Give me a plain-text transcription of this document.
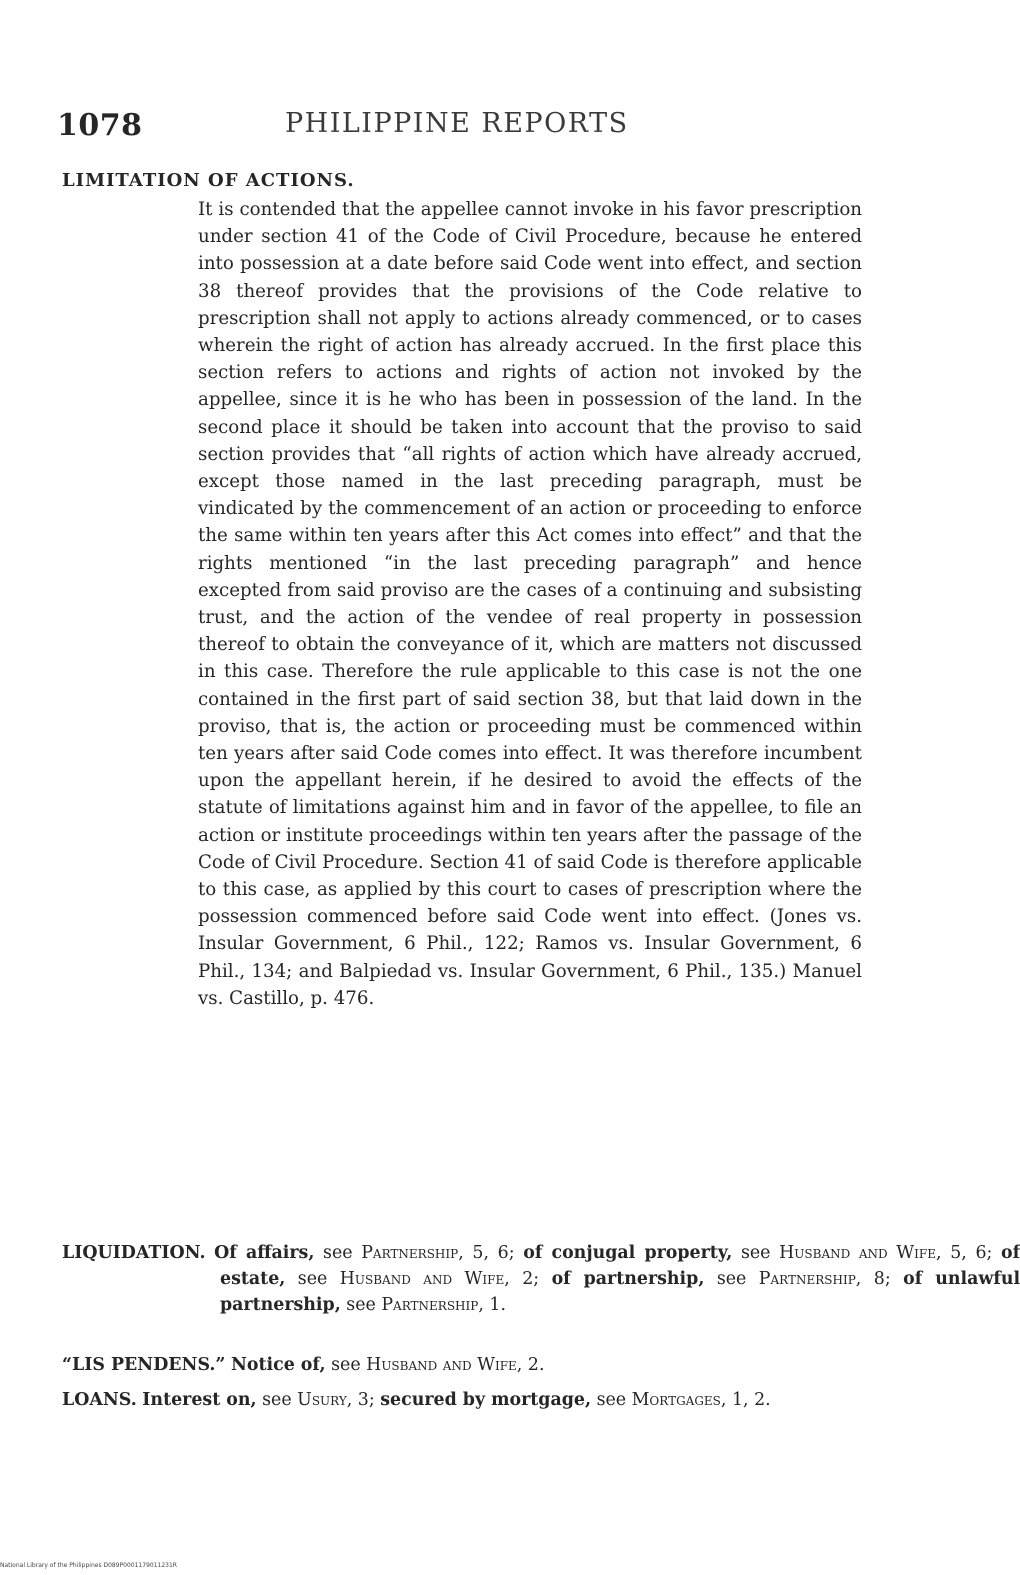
1078	PHILIPPINE REPORTS
LIMITATION OF ACTIONS.
It is contended that the appellee cannot invoke in his favor prescription under section 41 of the Code of Civil Procedure, because he entered into possession at a date before said Code went into effect, and section 38 thereof provides that the provisions of the Code relative to prescription shall not apply to actions already commenced, or to cases wherein the right of action has already accrued. In the first place this section refers to actions and rights of action not invoked by the appellee, since it is he who has been in possession of the land. In the second place it should be taken into account that the proviso to said section provides that “all rights of action which have already accrued, except those named in the last preceding paragraph, must be vindicated by the commencement of an action or proceeding to enforce the same within ten years after this Act comes into effect” and that the rights mentioned “in the last preceding paragraph” and hence excepted from said proviso are the cases of a continuing and subsisting trust, and the action of the vendee of real property in possession thereof to obtain the conveyance of it, which are matters not discussed in this case. Therefore the rule applicable to this case is not the one contained in the first part of said section 38, but that laid down in the proviso, that is, the action or proceeding must be commenced within ten years after said Code comes into effect. It was therefore incumbent upon the appellant herein, if he desired to avoid the effects of the statute of limitations against him and in favor of the appellee, to file an action or institute proceedings within ten years after the passage of the Code of Civil Procedure. Section 41 of said Code is therefore applicable to this case, as applied by this court to cases of prescription where the possession commenced before said Code went into effect. (Jones vs. Insular Government, 6 Phil., 122; Ramos vs. Insular Government, 6 Phil., 134; and Balpiedad vs. Insular Government, 6 Phil., 135.) Manuel vs. Castillo, p. 476.
LIQUIDATION. Of affairs, see Partnership, 5, 6; of conjugal property, see Husband and Wife, 5, 6; of estate, see Husband and Wife, 2; of partnership, see Partnership, 8; of unlawful partnership, see Partnership, 1.
“LIS PENDENS.” Notice of, see Husband and Wife, 2.
LOANS. Interest on, see Usury, 3; secured by mortgage, see Mortgages, 1, 2.
National Library of the Philippines D089P0001179011231R
